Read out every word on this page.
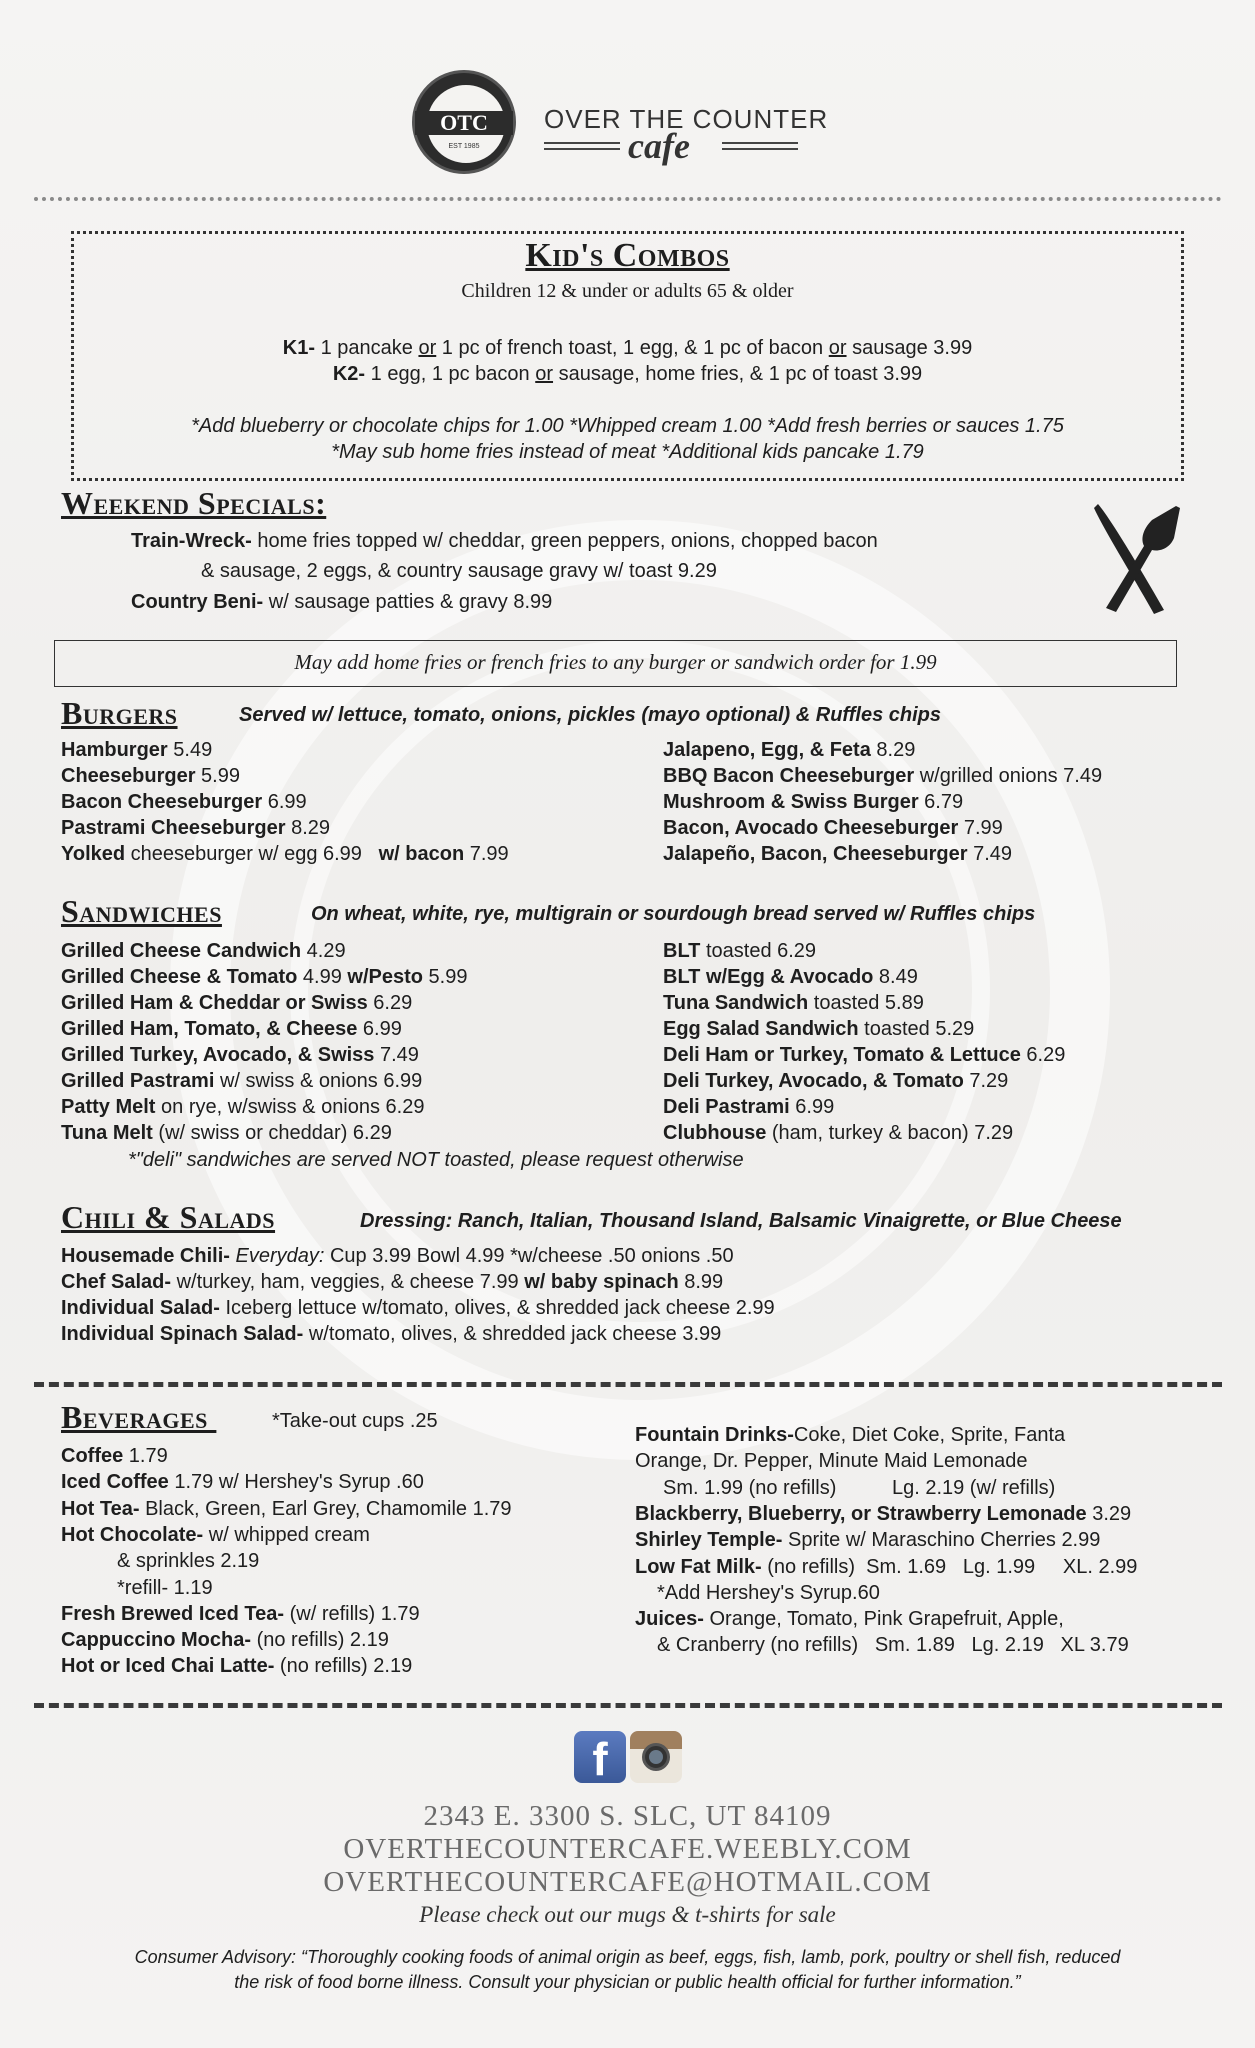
OTC
EST 1985
OVER THE COUNTER
cafe
Kid's Combos
Children 12 & under or adults 65 & older
K1- 1 pancake or 1 pc of french toast, 1 egg, & 1 pc of bacon or sausage 3.99
K2- 1 egg, 1 pc bacon or sausage, home fries, & 1 pc of toast 3.99
*Add blueberry or chocolate chips for 1.00 *Whipped cream 1.00 *Add fresh berries or sauces 1.75
*May sub home fries instead of meat *Additional kids pancake 1.79
Weekend Specials:
Train-Wreck- home fries topped w/ cheddar, green peppers, onions, chopped bacon
& sausage, 2 eggs, & country sausage gravy w/ toast 9.29
Country Beni- w/ sausage patties & gravy 8.99
May add home fries or french fries to any burger or sandwich order for 1.99
Burgers	Served w/ lettuce, tomato, onions, pickles (mayo optional) & Ruffles chips
Hamburger 5.49
Cheeseburger 5.99
Bacon Cheeseburger 6.99
Pastrami Cheeseburger 8.29
Yolked cheeseburger w/ egg 6.99   w/ bacon 7.99
Jalapeno, Egg, & Feta 8.29
BBQ Bacon Cheeseburger w/grilled onions 7.49
Mushroom & Swiss Burger 6.79
Bacon, Avocado Cheeseburger 7.99
Jalapeño, Bacon, Cheeseburger 7.49
Sandwiches	On wheat, white, rye, multigrain or sourdough bread served w/ Ruffles chips
Grilled Cheese Candwich 4.29
Grilled Cheese & Tomato 4.99 w/Pesto 5.99
Grilled Ham & Cheddar or Swiss 6.29
Grilled Ham, Tomato, & Cheese 6.99
Grilled Turkey, Avocado, & Swiss 7.49
Grilled Pastrami w/ swiss & onions 6.99
Patty Melt on rye, w/swiss & onions 6.29
Tuna Melt (w/ swiss or cheddar) 6.29
BLT toasted 6.29
BLT w/Egg & Avocado 8.49
Tuna Sandwich toasted 5.89
Egg Salad Sandwich toasted 5.29
Deli Ham or Turkey, Tomato & Lettuce 6.29
Deli Turkey, Avocado, & Tomato 7.29
Deli Pastrami 6.99
Clubhouse (ham, turkey & bacon) 7.29
*"deli" sandwiches are served NOT toasted, please request otherwise
Chili & Salads	Dressing: Ranch, Italian, Thousand Island, Balsamic Vinaigrette, or Blue Cheese
Housemade Chili- Everyday: Cup 3.99 Bowl 4.99 *w/cheese .50 onions .50
Chef Salad- w/turkey, ham, veggies, & cheese 7.99 w/ baby spinach 8.99
Individual Salad- Iceberg lettuce w/tomato, olives, & shredded jack cheese 2.99
Individual Spinach Salad- w/tomato, olives, & shredded jack cheese 3.99
Beverages	*Take-out cups .25
Coffee 1.79
Iced Coffee 1.79 w/ Hershey's Syrup .60
Hot Tea- Black, Green, Earl Grey, Chamomile 1.79
Hot Chocolate- w/ whipped cream
& sprinkles 2.19
*refill- 1.19
Fresh Brewed Iced Tea- (w/ refills) 1.79
Cappuccino Mocha- (no refills) 2.19
Hot or Iced Chai Latte- (no refills) 2.19
Fountain Drinks-Coke, Diet Coke, Sprite, Fanta
Orange, Dr. Pepper, Minute Maid Lemonade
Sm. 1.99 (no refills)          Lg. 2.19 (w/ refills)
Blackberry, Blueberry, or Strawberry Lemonade 3.29
Shirley Temple- Sprite w/ Maraschino Cherries 2.99
Low Fat Milk- (no refills)  Sm. 1.69   Lg. 1.99     XL. 2.99
*Add Hershey's Syrup.60
Juices- Orange, Tomato, Pink Grapefruit, Apple,
& Cranberry (no refills)   Sm. 1.89   Lg. 2.19   XL 3.79
f
2343 E. 3300 S. SLC, UT 84109
OVERTHECOUNTERCAFE.WEEBLY.COM
OVERTHECOUNTERCAFE@HOTMAIL.COM
Please check out our mugs & t-shirts for sale
Consumer Advisory: “Thoroughly cooking foods of animal origin as beef, eggs, fish, lamb, pork, poultry or shell fish, reduced
the risk of food borne illness. Consult your physician or public health official for further information.”
